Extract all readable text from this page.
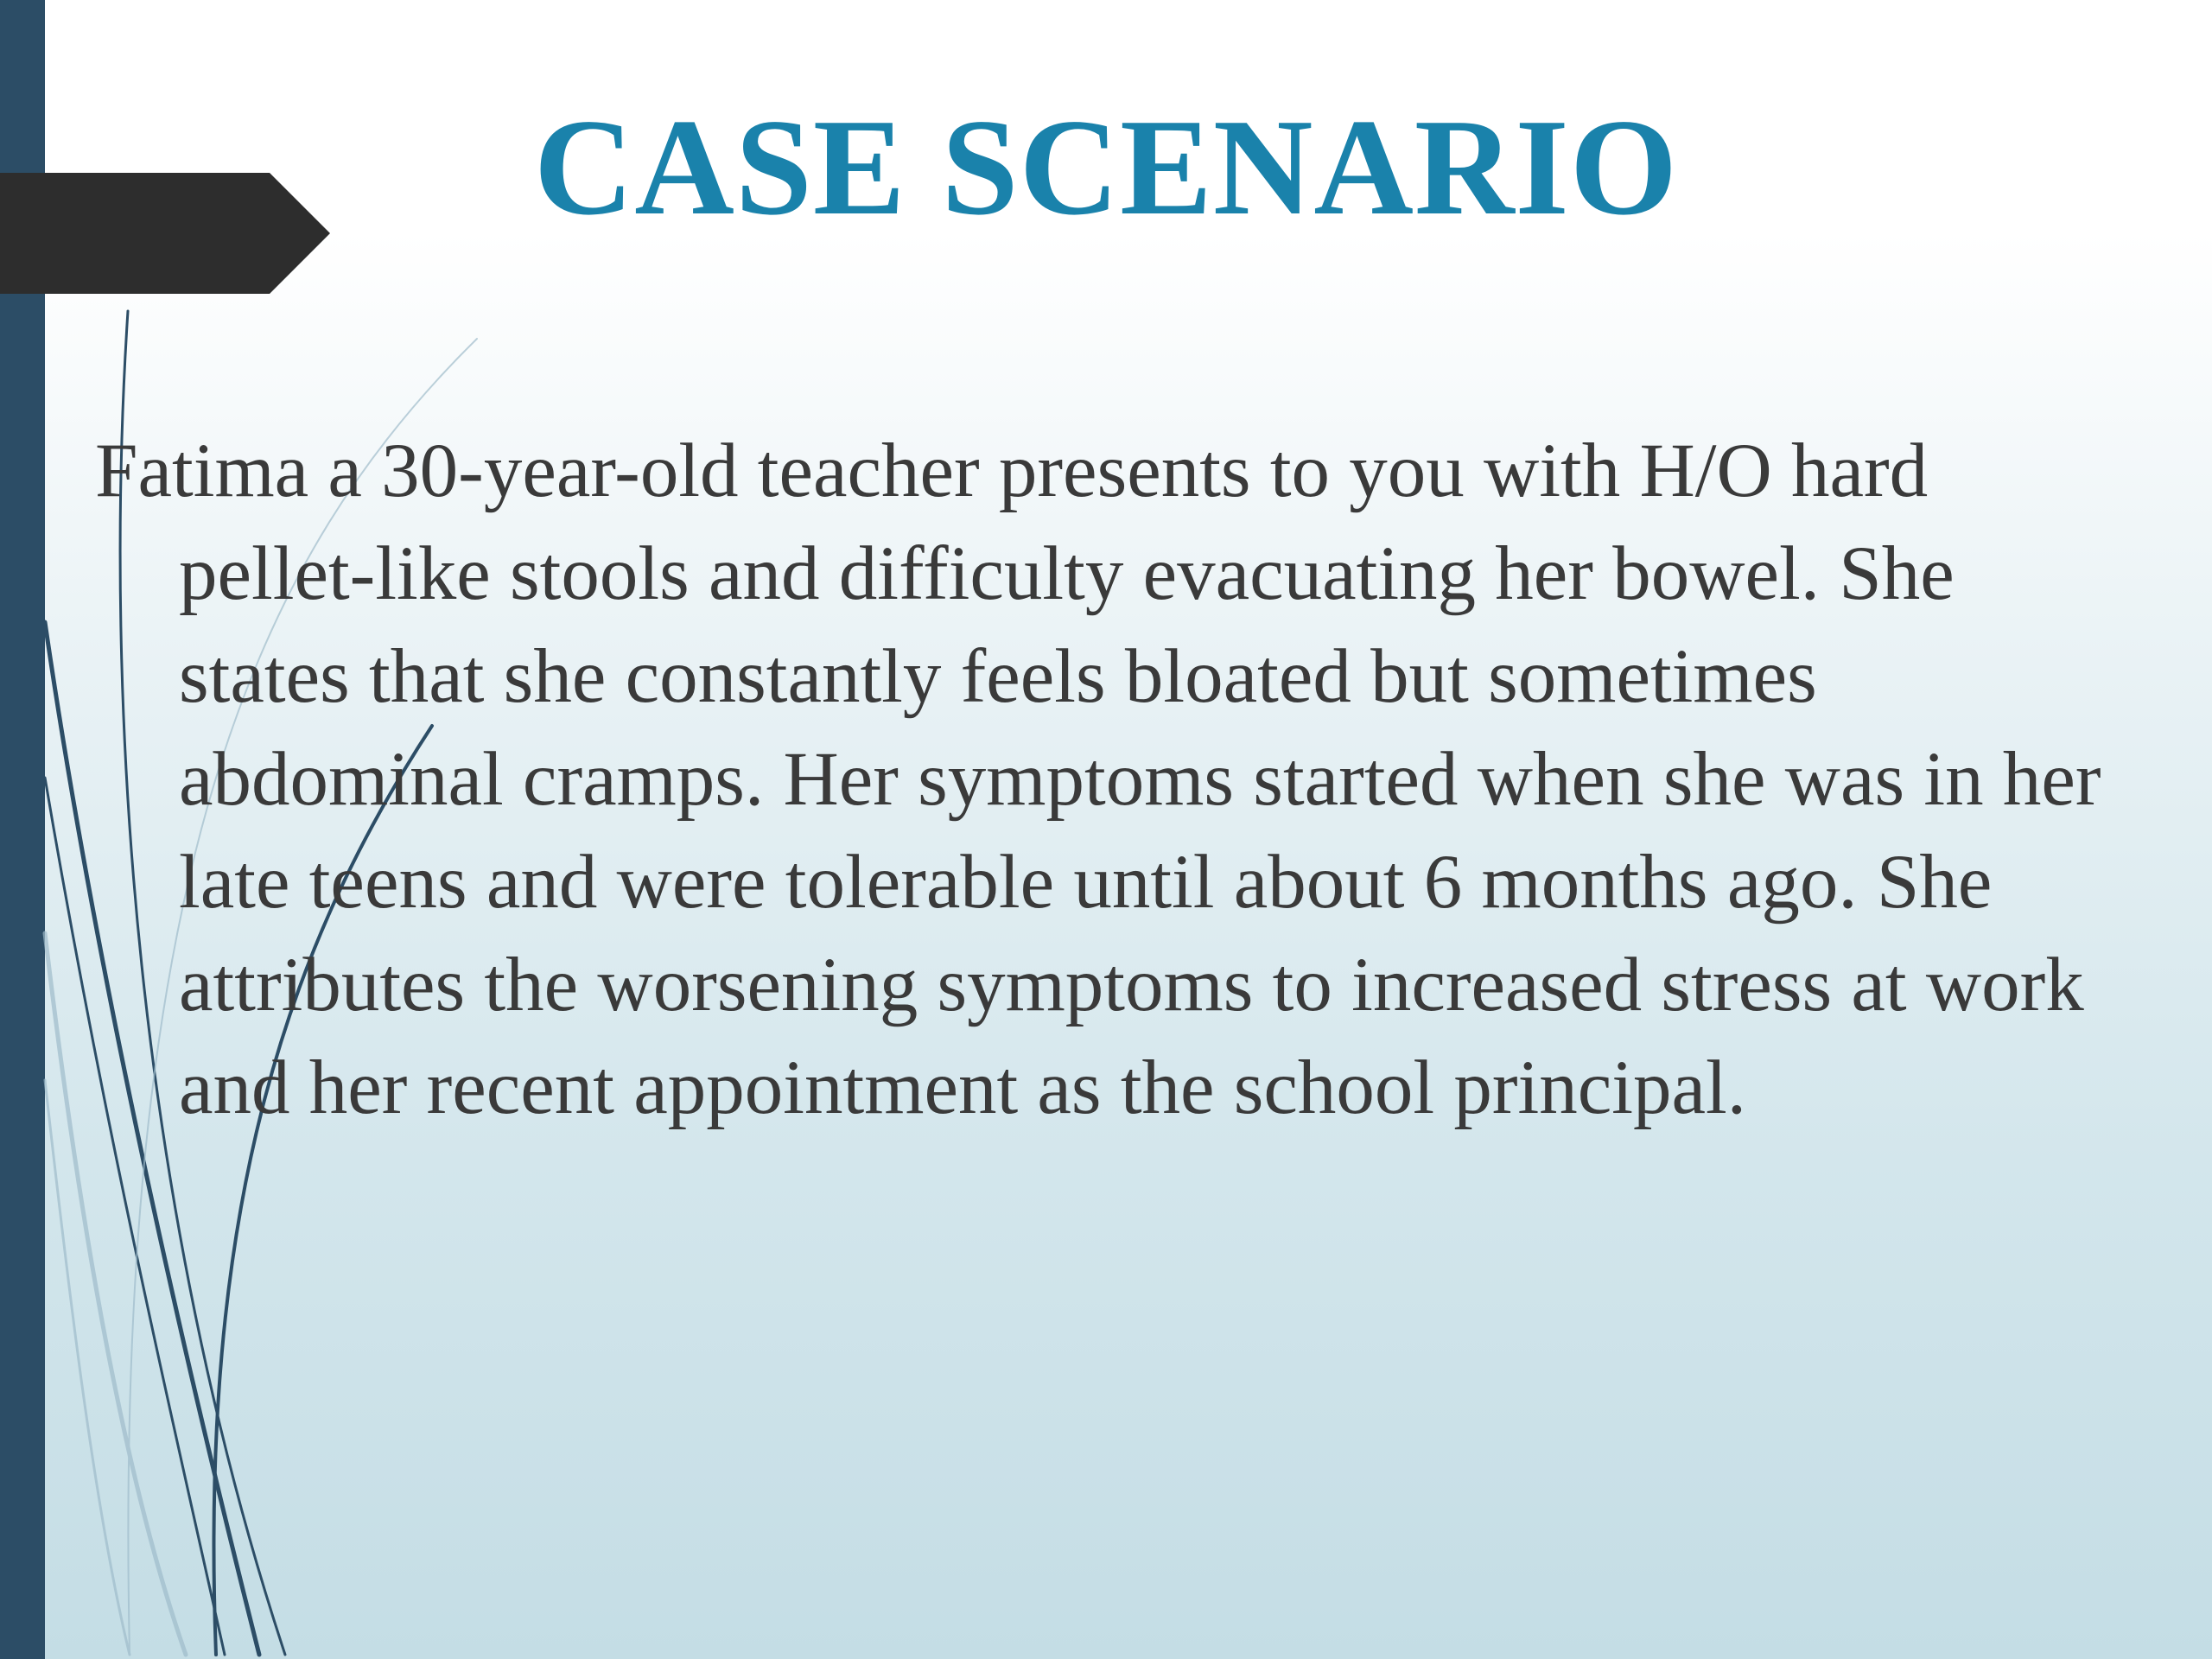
CASE SCENARIO

Fatima a 30-year-old teacher presents to you with H/O hard pellet-like stools and difficulty evacuating her bowel. She states that she constantly feels bloated but sometimes abdominal cramps. Her symptoms started when she was in her late teens and were tolerable until about 6 months ago. She attributes the worsening symptoms to increased stress at work and her recent appointment as the school principal.
